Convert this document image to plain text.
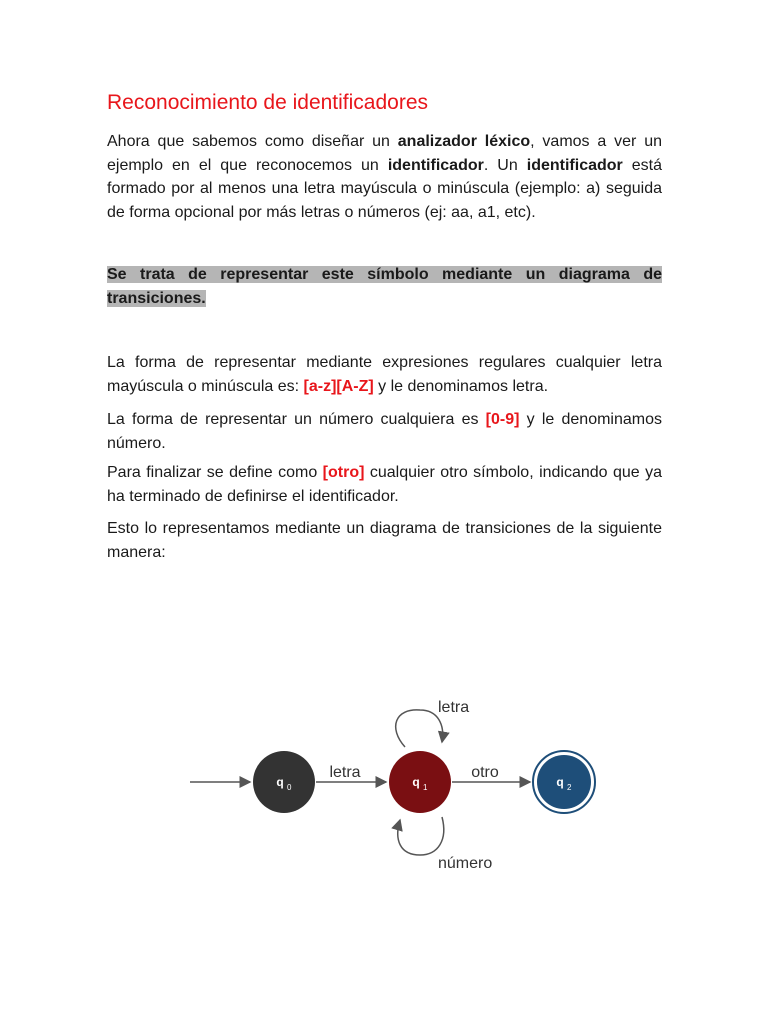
Reconocimiento de identificadores

Ahora que sabemos como diseñar un analizador léxico, vamos a ver un ejemplo en el que reconocemos un identificador. Un identificador está formado por al menos una letra mayúscula o minúscula (ejemplo: a) seguida de forma opcional por más letras o números (ej: aa, a1, etc).

Se trata de representar este símbolo mediante un diagrama de transiciones.

La forma de representar mediante expresiones regulares cualquier letra mayúscula o minúscula es: [a-z][A-Z] y le denominamos letra.

La forma de representar un número cualquiera es [0-9] y le denominamos número.

Para finalizar se define como [otro] cualquier otro símbolo, indicando que ya ha terminado de definirse el identificador.

Esto lo representamos mediante un diagrama de transiciones de la siguiente manera:

q 0
letra
q 1
letra
número
otro
q 2
